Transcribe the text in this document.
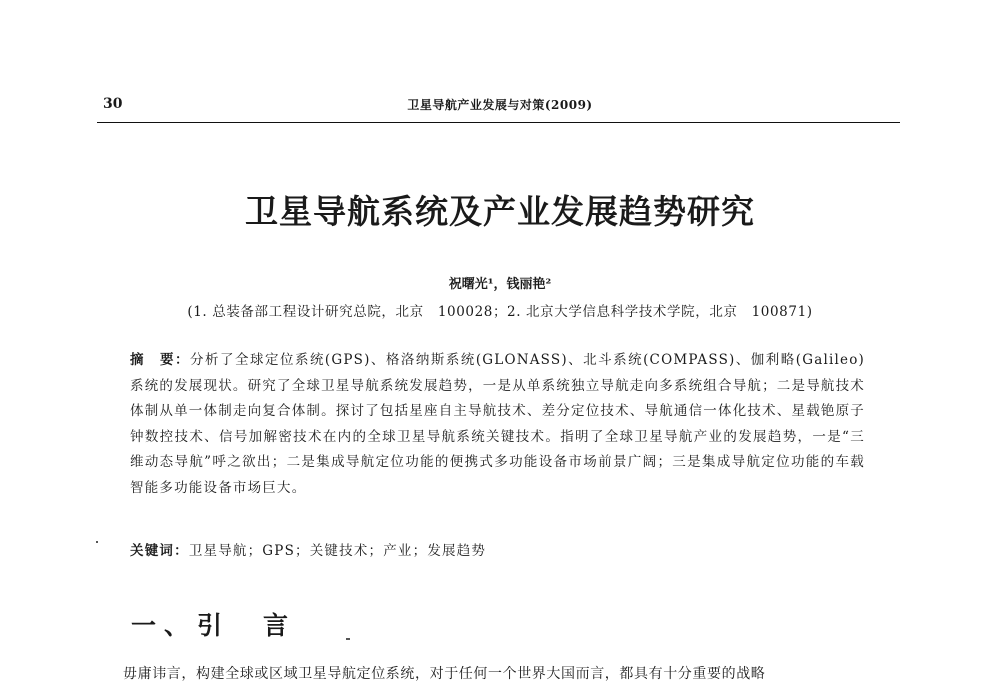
30	卫星导航产业发展与对策(2009)
卫星导航系统及产业发展趋势研究
祝曙光¹，钱丽艳²
(1. 总装备部工程设计研究总院，北京　100028；2. 北京大学信息科学技术学院，北京　100871)

摘　要：分析了全球定位系统(GPS)、格洛纳斯系统(GLONASS)、北斗系统(COMPASS)、伽利略(Galileo)系统的发展现状。研究了全球卫星导航系统发展趋势，一是从单系统独立导航走向多系统组合导航；二是导航技术体制从单一体制走向复合体制。探讨了包括星座自主导航技术、差分定位技术、导航通信一体化技术、星载铯原子钟数控技术、信号加解密技术在内的全球卫星导航系统关键技术。指明了全球卫星导航产业的发展趋势，一是“三维动态导航”呼之欲出；二是集成导航定位功能的便携式多功能设备市场前景广阔；三是集成导航定位功能的车载智能多功能设备市场巨大。

关键词：卫星导航；GPS；关键技术；产业；发展趋势
一、引　言

毋庸讳言，构建全球或区域卫星导航定位系统，对于任何一个世界大国而言，都具有十分重要的战略
